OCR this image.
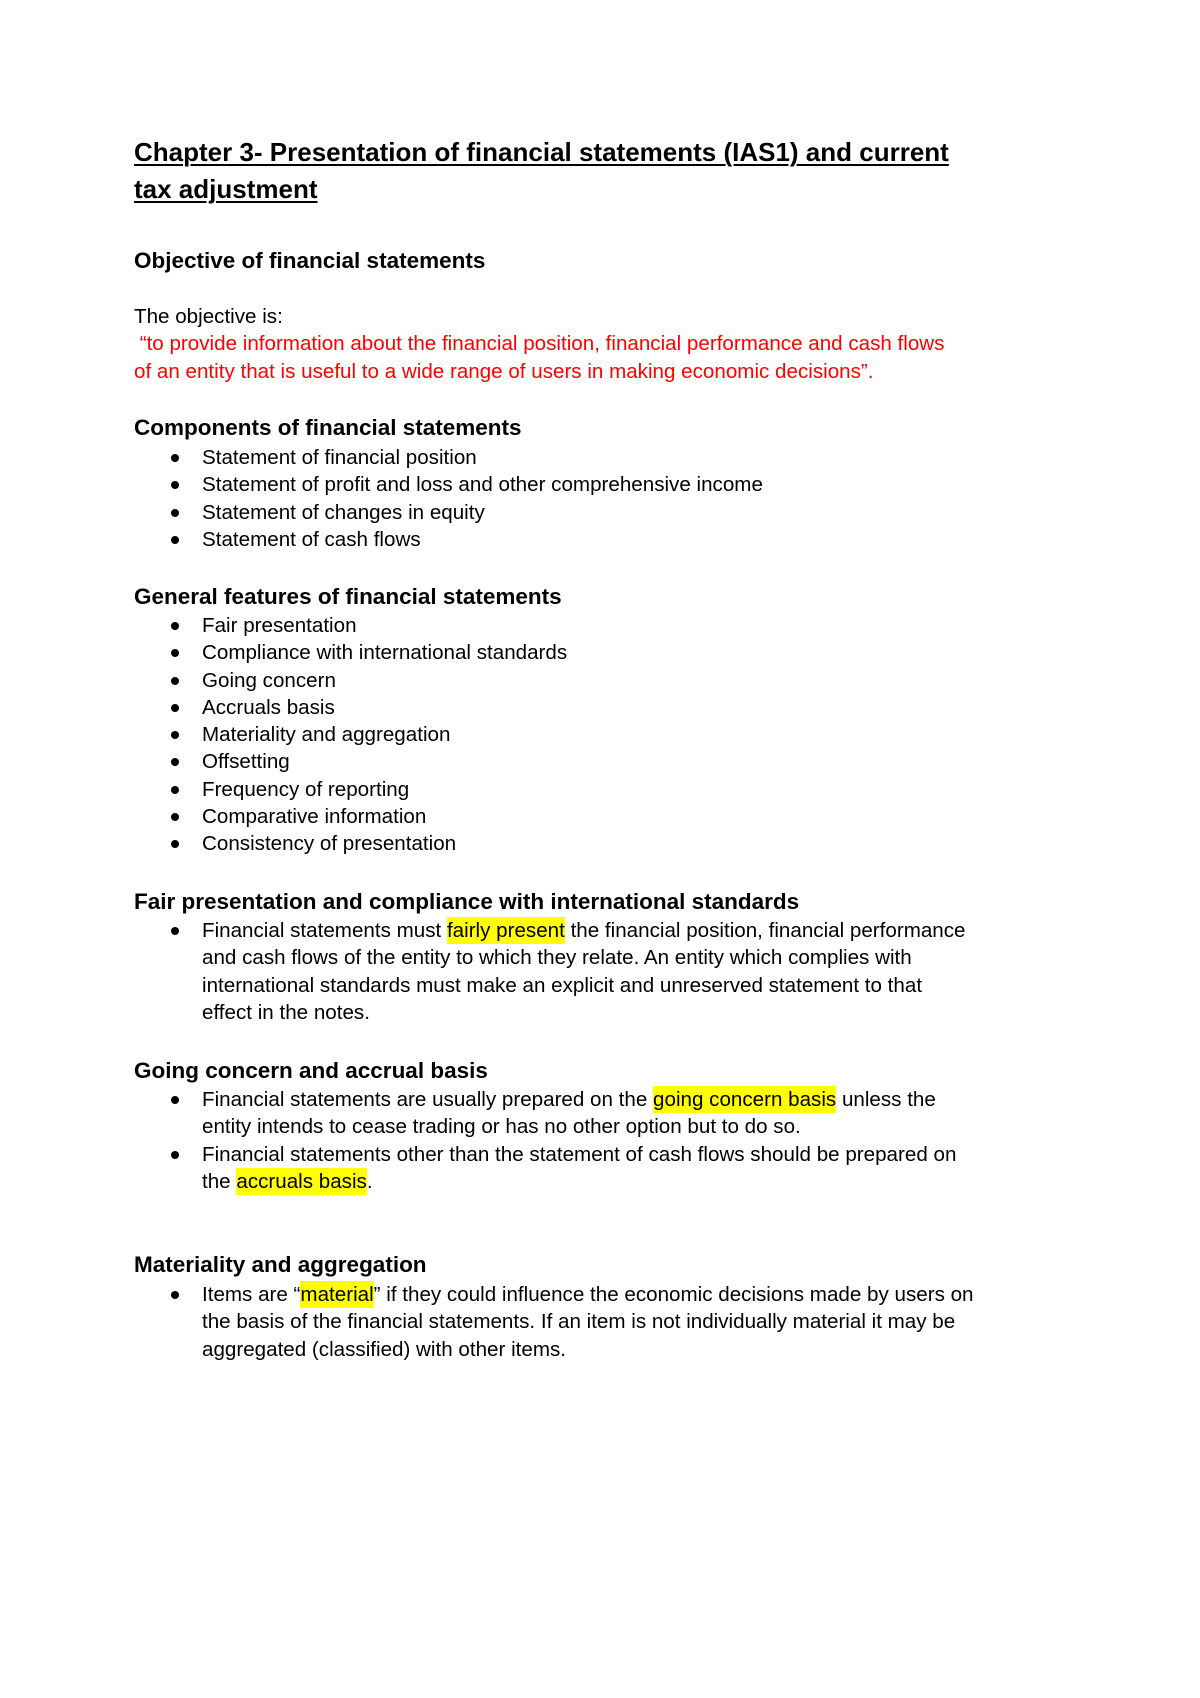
Chapter 3- Presentation of financial statements (IAS1) and current tax adjustment
Objective of financial statements
The objective is:
“to provide information about the financial position, financial performance and cash flows
of an entity that is useful to a wide range of users in making economic decisions”.
Components of financial statements
Statement of financial position
Statement of profit and loss and other comprehensive income
Statement of changes in equity
Statement of cash flows
General features of financial statements
Fair presentation
Compliance with international standards
Going concern
Accruals basis
Materiality and aggregation
Offsetting
Frequency of reporting
Comparative information
Consistency of presentation
Fair presentation and compliance with international standards
Financial statements must fairly present the financial position, financial performance
and cash flows of the entity to which they relate. An entity which complies with
international standards must make an explicit and unreserved statement to that
effect in the notes.
Going concern and accrual basis
Financial statements are usually prepared on the going concern basis unless the
entity intends to cease trading or has no other option but to do so.
Financial statements other than the statement of cash flows should be prepared on
the accruals basis.
Materiality and aggregation
Items are “material” if they could influence the economic decisions made by users on
the basis of the financial statements. If an item is not individually material it may be
aggregated (classified) with other items.
